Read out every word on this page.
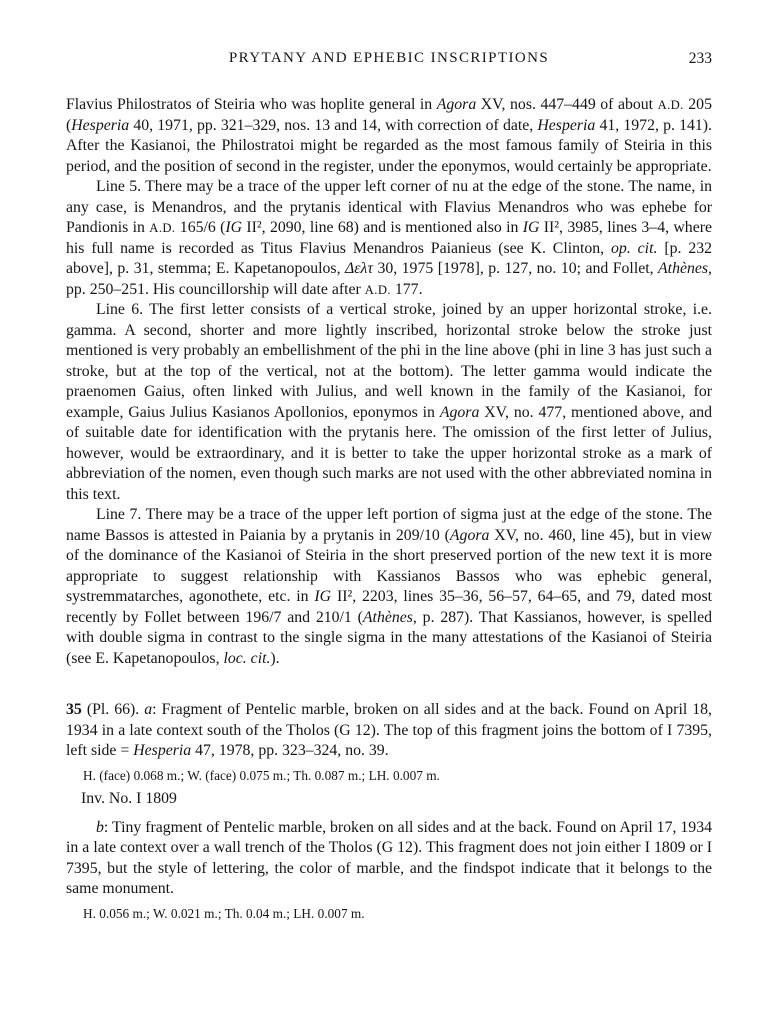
PRYTANY AND EPHEBIC INSCRIPTIONS	233

Flavius Philostratos of Steiria who was hoplite general in Agora XV, nos. 447–449 of about A.D. 205 (Hesperia 40, 1971, pp. 321–329, nos. 13 and 14, with correction of date, Hesperia 41, 1972, p. 141). After the Kasianoi, the Philostratoi might be regarded as the most famous family of Steiria in this period, and the position of second in the register, under the eponymos, would certainly be appropriate.

Line 5. There may be a trace of the upper left corner of nu at the edge of the stone. The name, in any case, is Menandros, and the prytanis identical with Flavius Menandros who was ephebe for Pandionis in A.D. 165/6 (IG II², 2090, line 68) and is mentioned also in IG II², 3985, lines 3–4, where his full name is recorded as Titus Flavius Menandros Paianieus (see K. Clinton, op. cit. [p. 232 above], p. 31, stemma; E. Kapetanopoulos, Δελτ 30, 1975 [1978], p. 127, no. 10; and Follet, Athènes, pp. 250–251. His councillorship will date after A.D. 177.

Line 6. The first letter consists of a vertical stroke, joined by an upper horizontal stroke, i.e. gamma. A second, shorter and more lightly inscribed, horizontal stroke below the stroke just mentioned is very probably an embellishment of the phi in the line above (phi in line 3 has just such a stroke, but at the top of the vertical, not at the bottom). The letter gamma would indicate the praenomen Gaius, often linked with Julius, and well known in the family of the Kasianoi, for example, Gaius Julius Kasianos Apollonios, eponymos in Agora XV, no. 477, mentioned above, and of suitable date for identification with the prytanis here. The omission of the first letter of Julius, however, would be extraordinary, and it is better to take the upper horizontal stroke as a mark of abbreviation of the nomen, even though such marks are not used with the other abbreviated nomina in this text.

Line 7. There may be a trace of the upper left portion of sigma just at the edge of the stone. The name Bassos is attested in Paiania by a prytanis in 209/10 (Agora XV, no. 460, line 45), but in view of the dominance of the Kasianoi of Steiria in the short preserved portion of the new text it is more appropriate to suggest relationship with Kassianos Bassos who was ephebic general, systremmatarches, agonothete, etc. in IG II², 2203, lines 35–36, 56–57, 64–65, and 79, dated most recently by Follet between 196/7 and 210/1 (Athènes, p. 287). That Kassianos, however, is spelled with double sigma in contrast to the single sigma in the many attestations of the Kasianoi of Steiria (see E. Kapetanopoulos, loc. cit.).

35 (Pl. 66). a: Fragment of Pentelic marble, broken on all sides and at the back. Found on April 18, 1934 in a late context south of the Tholos (G 12). The top of this fragment joins the bottom of I 7395, left side = Hesperia 47, 1978, pp. 323–324, no. 39.

H. (face) 0.068 m.; W. (face) 0.075 m.; Th. 0.087 m.; LH. 0.007 m.

Inv. No. I 1809

b: Tiny fragment of Pentelic marble, broken on all sides and at the back. Found on April 17, 1934 in a late context over a wall trench of the Tholos (G 12). This fragment does not join either I 1809 or I 7395, but the style of lettering, the color of marble, and the findspot indicate that it belongs to the same monument.

H. 0.056 m.; W. 0.021 m.; Th. 0.04 m.; LH. 0.007 m.
